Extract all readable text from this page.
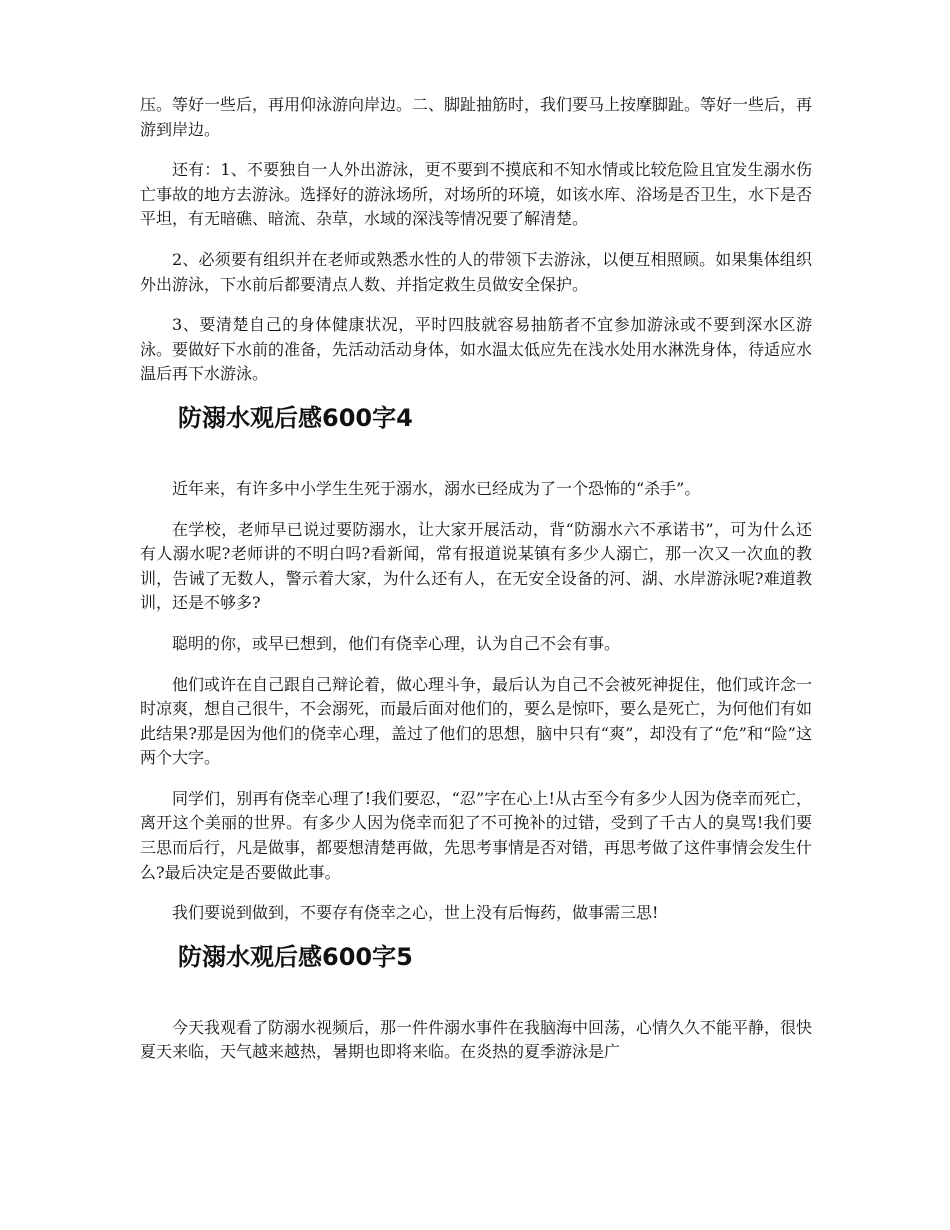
压。等好一些后，再用仰泳游向岸边。二、脚趾抽筋时，我们要马上按摩脚趾。等好一些后，再游到岸边。

还有：1、不要独自一人外出游泳，更不要到不摸底和不知水情或比较危险且宜发生溺水伤亡事故的地方去游泳。选择好的游泳场所，对场所的环境，如该水库、浴场是否卫生，水下是否平坦，有无暗礁、暗流、杂草，水域的深浅等情况要了解清楚。

2、必须要有组织并在老师或熟悉水性的人的带领下去游泳，以便互相照顾。如果集体组织外出游泳，下水前后都要清点人数、并指定救生员做安全保护。

3、要清楚自己的身体健康状况，平时四肢就容易抽筋者不宜参加游泳或不要到深水区游泳。要做好下水前的准备，先活动活动身体，如水温太低应先在浅水处用水淋洗身体，待适应水温后再下水游泳。

防溺水观后感600字4

近年来，有许多中小学生生死于溺水，溺水已经成为了一个恐怖的“杀手”。

在学校，老师早已说过要防溺水，让大家开展活动，背“防溺水六不承诺书”，可为什么还有人溺水呢?老师讲的不明白吗?看新闻，常有报道说某镇有多少人溺亡，那一次又一次血的教训，告诫了无数人，警示着大家，为什么还有人，在无安全设备的河、湖、水岸游泳呢?难道教训，还是不够多?

聪明的你，或早已想到，他们有侥幸心理，认为自己不会有事。

他们或许在自己跟自己辩论着，做心理斗争，最后认为自己不会被死神捉住，他们或许念一时凉爽，想自己很牛，不会溺死，而最后面对他们的，要么是惊吓，要么是死亡，为何他们有如此结果?那是因为他们的侥幸心理，盖过了他们的思想，脑中只有“爽”，却没有了“危”和“险”这两个大字。

同学们，别再有侥幸心理了!我们要忍，“忍”字在心上!从古至今有多少人因为侥幸而死亡，离开这个美丽的世界。有多少人因为侥幸而犯了不可挽补的过错，受到了千古人的臭骂!我们要三思而后行，凡是做事，都要想清楚再做，先思考事情是否对错，再思考做了这件事情会发生什么?最后决定是否要做此事。

我们要说到做到，不要存有侥幸之心，世上没有后悔药，做事需三思!

防溺水观后感600字5

今天我观看了防溺水视频后，那一件件溺水事件在我脑海中回荡，心情久久不能平静，很快夏天来临，天气越来越热，暑期也即将来临。在炎热的夏季游泳是广
